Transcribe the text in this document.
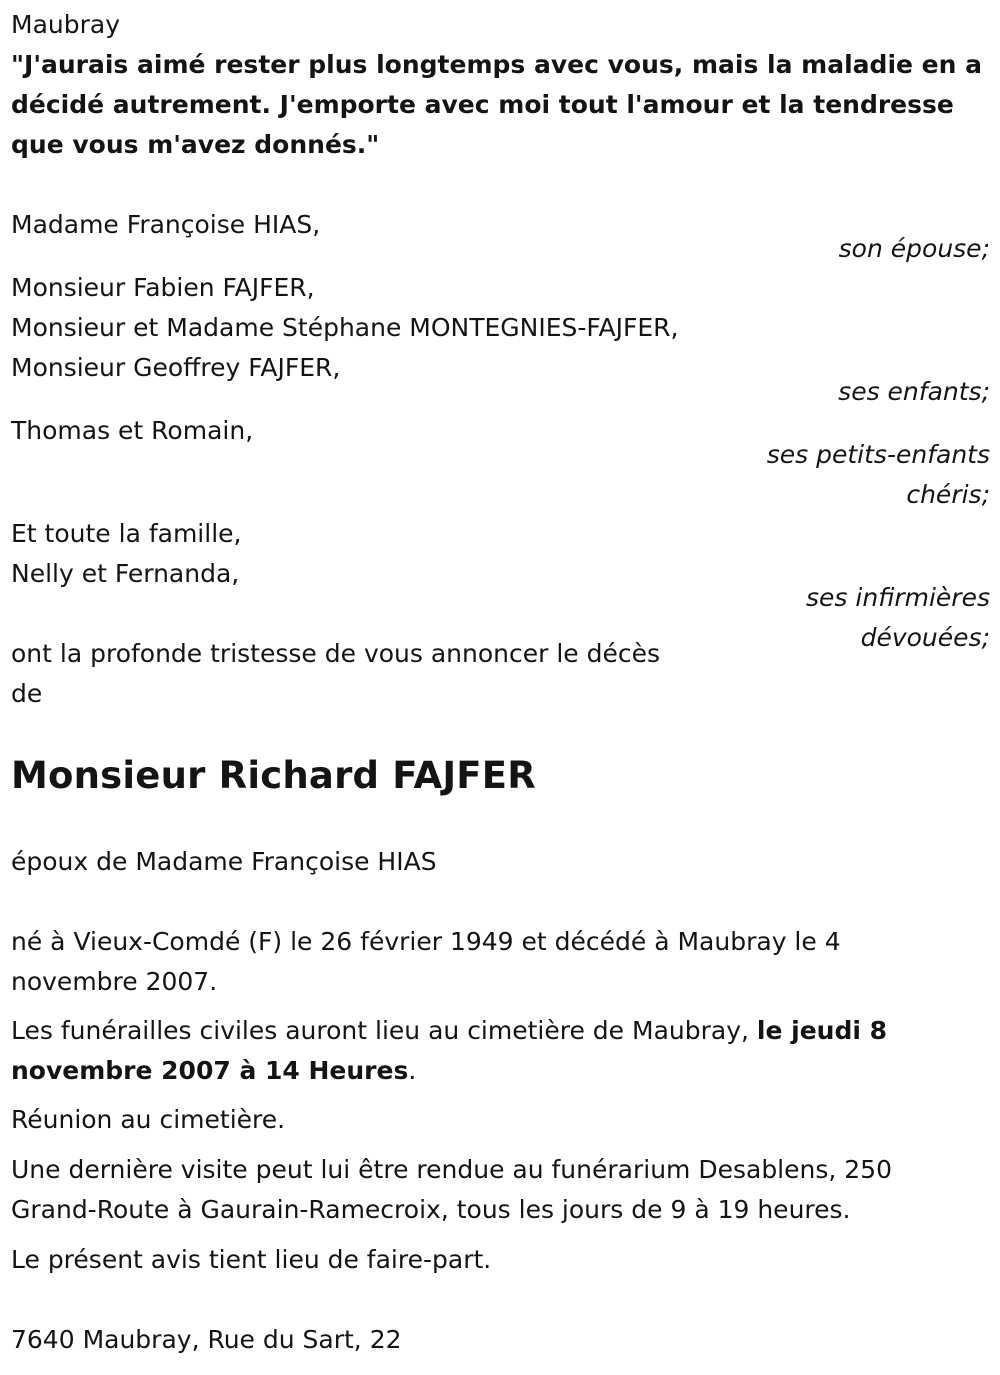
Maubray
"J'aurais aimé rester plus longtemps avec vous, mais la maladie en a
décidé autrement. J'emporte avec moi tout l'amour et la tendresse
que vous m'avez donnés."
Madame Françoise HIAS,
son épouse;
Monsieur Fabien FAJFER,
Monsieur et Madame Stéphane MONTEGNIES-FAJFER,
Monsieur Geoffrey FAJFER,
ses enfants;
Thomas et Romain,
ses petits-enfants
chéris;
Et toute la famille,
Nelly et Fernanda,
ses infirmières
dévouées;
ont la profonde tristesse de vous annoncer le décès
de
Monsieur Richard FAJFER
époux de Madame Françoise HIAS
né à Vieux-Comdé (F) le 26 février 1949 et décédé à Maubray le 4
novembre 2007.
Les funérailles civiles auront lieu au cimetière de Maubray, le jeudi 8
novembre 2007 à 14 Heures.
Réunion au cimetière.
Une dernière visite peut lui être rendue au funérarium Desablens, 250
Grand-Route à Gaurain-Ramecroix, tous les jours de 9 à 19 heures.
Le présent avis tient lieu de faire-part.
7640 Maubray, Rue du Sart, 22
